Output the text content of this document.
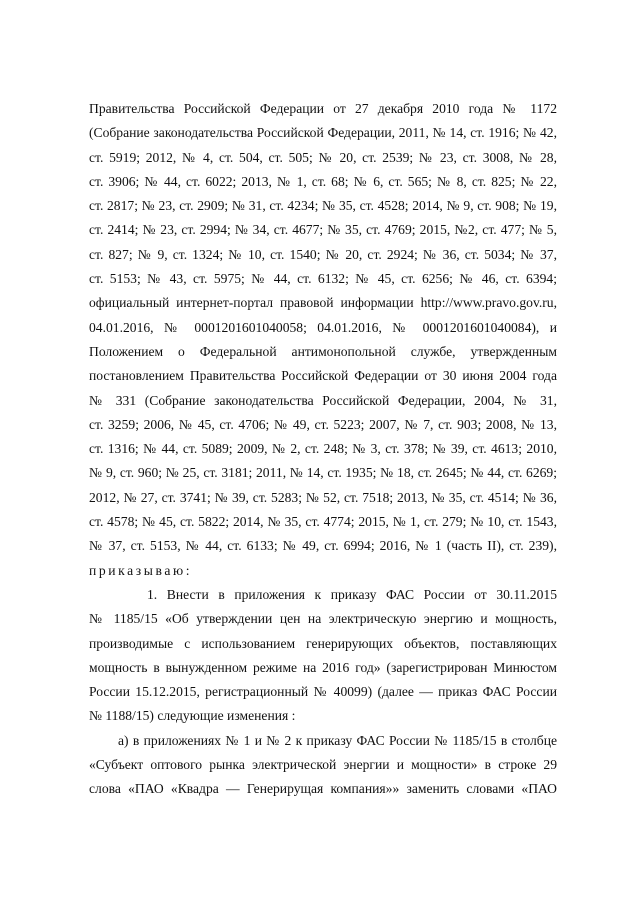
Правительства Российской Федерации от 27 декабря 2010 года № 1172
(Собрание законодательства Российской Федерации, 2011, № 14, ст. 1916; № 42,
ст. 5919; 2012, № 4, ст. 504, ст. 505; № 20, ст. 2539; № 23, ст. 3008, № 28,
ст. 3906; № 44, ст. 6022; 2013, № 1, ст. 68; № 6, ст. 565; № 8, ст. 825; № 22,
ст. 2817; № 23, ст. 2909; № 31, ст. 4234; № 35, ст. 4528; 2014, № 9, ст. 908; № 19,
ст. 2414; № 23, ст. 2994; № 34, ст. 4677; № 35, ст. 4769; 2015, №2, ст. 477; № 5,
ст. 827; № 9, ст. 1324; № 10, ст. 1540; № 20, ст. 2924; № 36, ст. 5034; № 37,
ст. 5153; № 43, ст. 5975; № 44, ст. 6132; № 45, ст. 6256; № 46, ст. 6394;
официальный интернет-портал правовой информации http://www.pravo.gov.ru,
04.01.2016, № 0001201601040058; 04.01.2016, № 0001201601040084), и
Положением о Федеральной антимонопольной службе, утвержденным
постановлением Правительства Российской Федерации от 30 июня 2004 года
№ 331 (Собрание законодательства Российской Федерации, 2004, № 31,
ст. 3259; 2006, № 45, ст. 4706; № 49, ст. 5223; 2007, № 7, ст. 903; 2008, № 13,
ст. 1316; № 44, ст. 5089; 2009, № 2, ст. 248; № 3, ст. 378; № 39, ст. 4613; 2010,
№ 9, ст. 960; № 25, ст. 3181; 2011, № 14, ст. 1935; № 18, ст. 2645; № 44, ст. 6269;
2012, № 27, ст. 3741; № 39, ст. 5283; № 52, ст. 7518; 2013, № 35, ст. 4514; № 36,
ст. 4578; № 45, ст. 5822; 2014, № 35, ст. 4774; 2015, № 1, ст. 279; № 10, ст. 1543,
№ 37, ст. 5153, № 44, ст. 6133; № 49, ст. 6994; 2016, № 1 (часть II), ст. 239),
приказываю:
1. Внести в приложения к приказу ФАС России от 30.11.2015
№ 1185/15 «Об утверждении цен на электрическую энергию и мощность,
производимые с использованием генерирующих объектов, поставляющих
мощность в вынужденном режиме на 2016 год» (зарегистрирован Минюстом
России 15.12.2015, регистрационный № 40099) (далее — приказ ФАС России
№ 1188/15) следующие изменения :
а) в приложениях № 1 и № 2 к приказу ФАС России № 1185/15 в столбце
«Субъект оптового рынка электрической энергии и мощности» в строке 29
слова «ПАО «Квадра — Генерирущая компания»» заменить словами «ПАО
